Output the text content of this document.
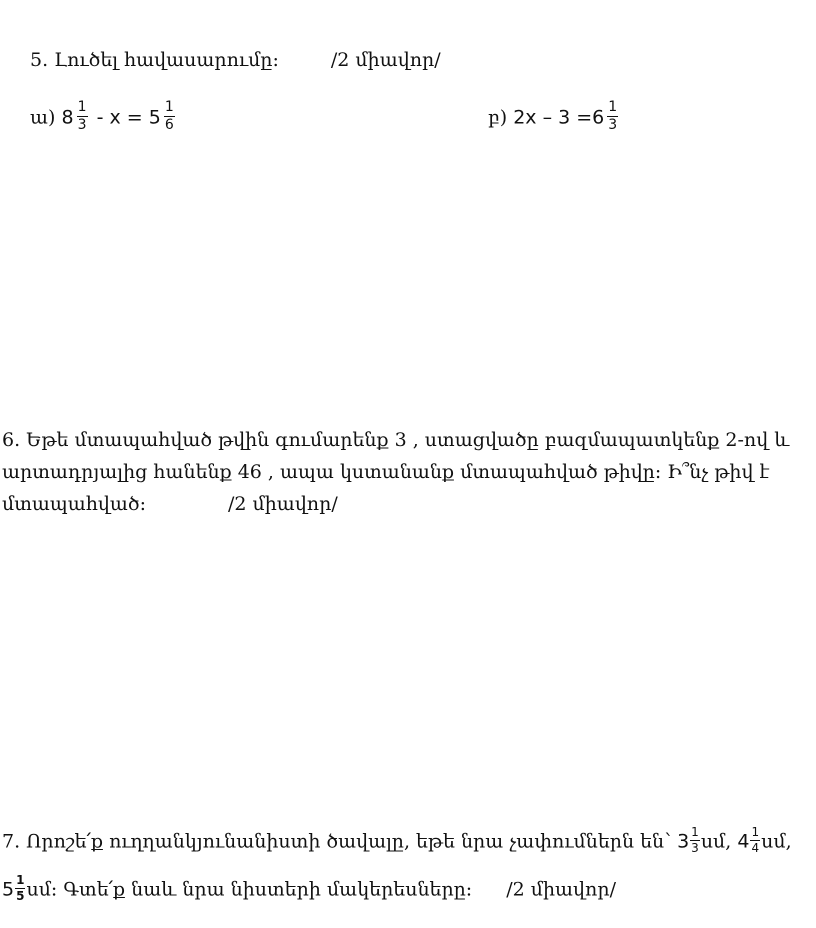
5. Լուծել հավասարումը:	/2 միավոր/
ա) $8 \frac{1}{3} - x = 5 \frac{1}{6}$	բ) $2x - 3 =6 \frac{1}{3}$
6. Եթե մտապահված թվին գումարենք 3 , ստացվածը բազմապատկենք 2-ով և
արտադրյալից հանենք 46 , ապա կստանանք մտապահված թիվը: Ի՞նչ թիվ է
մտապահված:	/2 միավոր/
7. Որոշե՛ք ուղղանկյունանիստի ծավալը, եթե նրա չափումներն են՝ $3 \frac{1}{3}$ սմ, $4 \frac{1}{4}$ սմ,
$5 \frac{1}{5}$ սմ: Գտե՛ք նաև նրա նիստերի մակերեսները: /2 միավոր/
